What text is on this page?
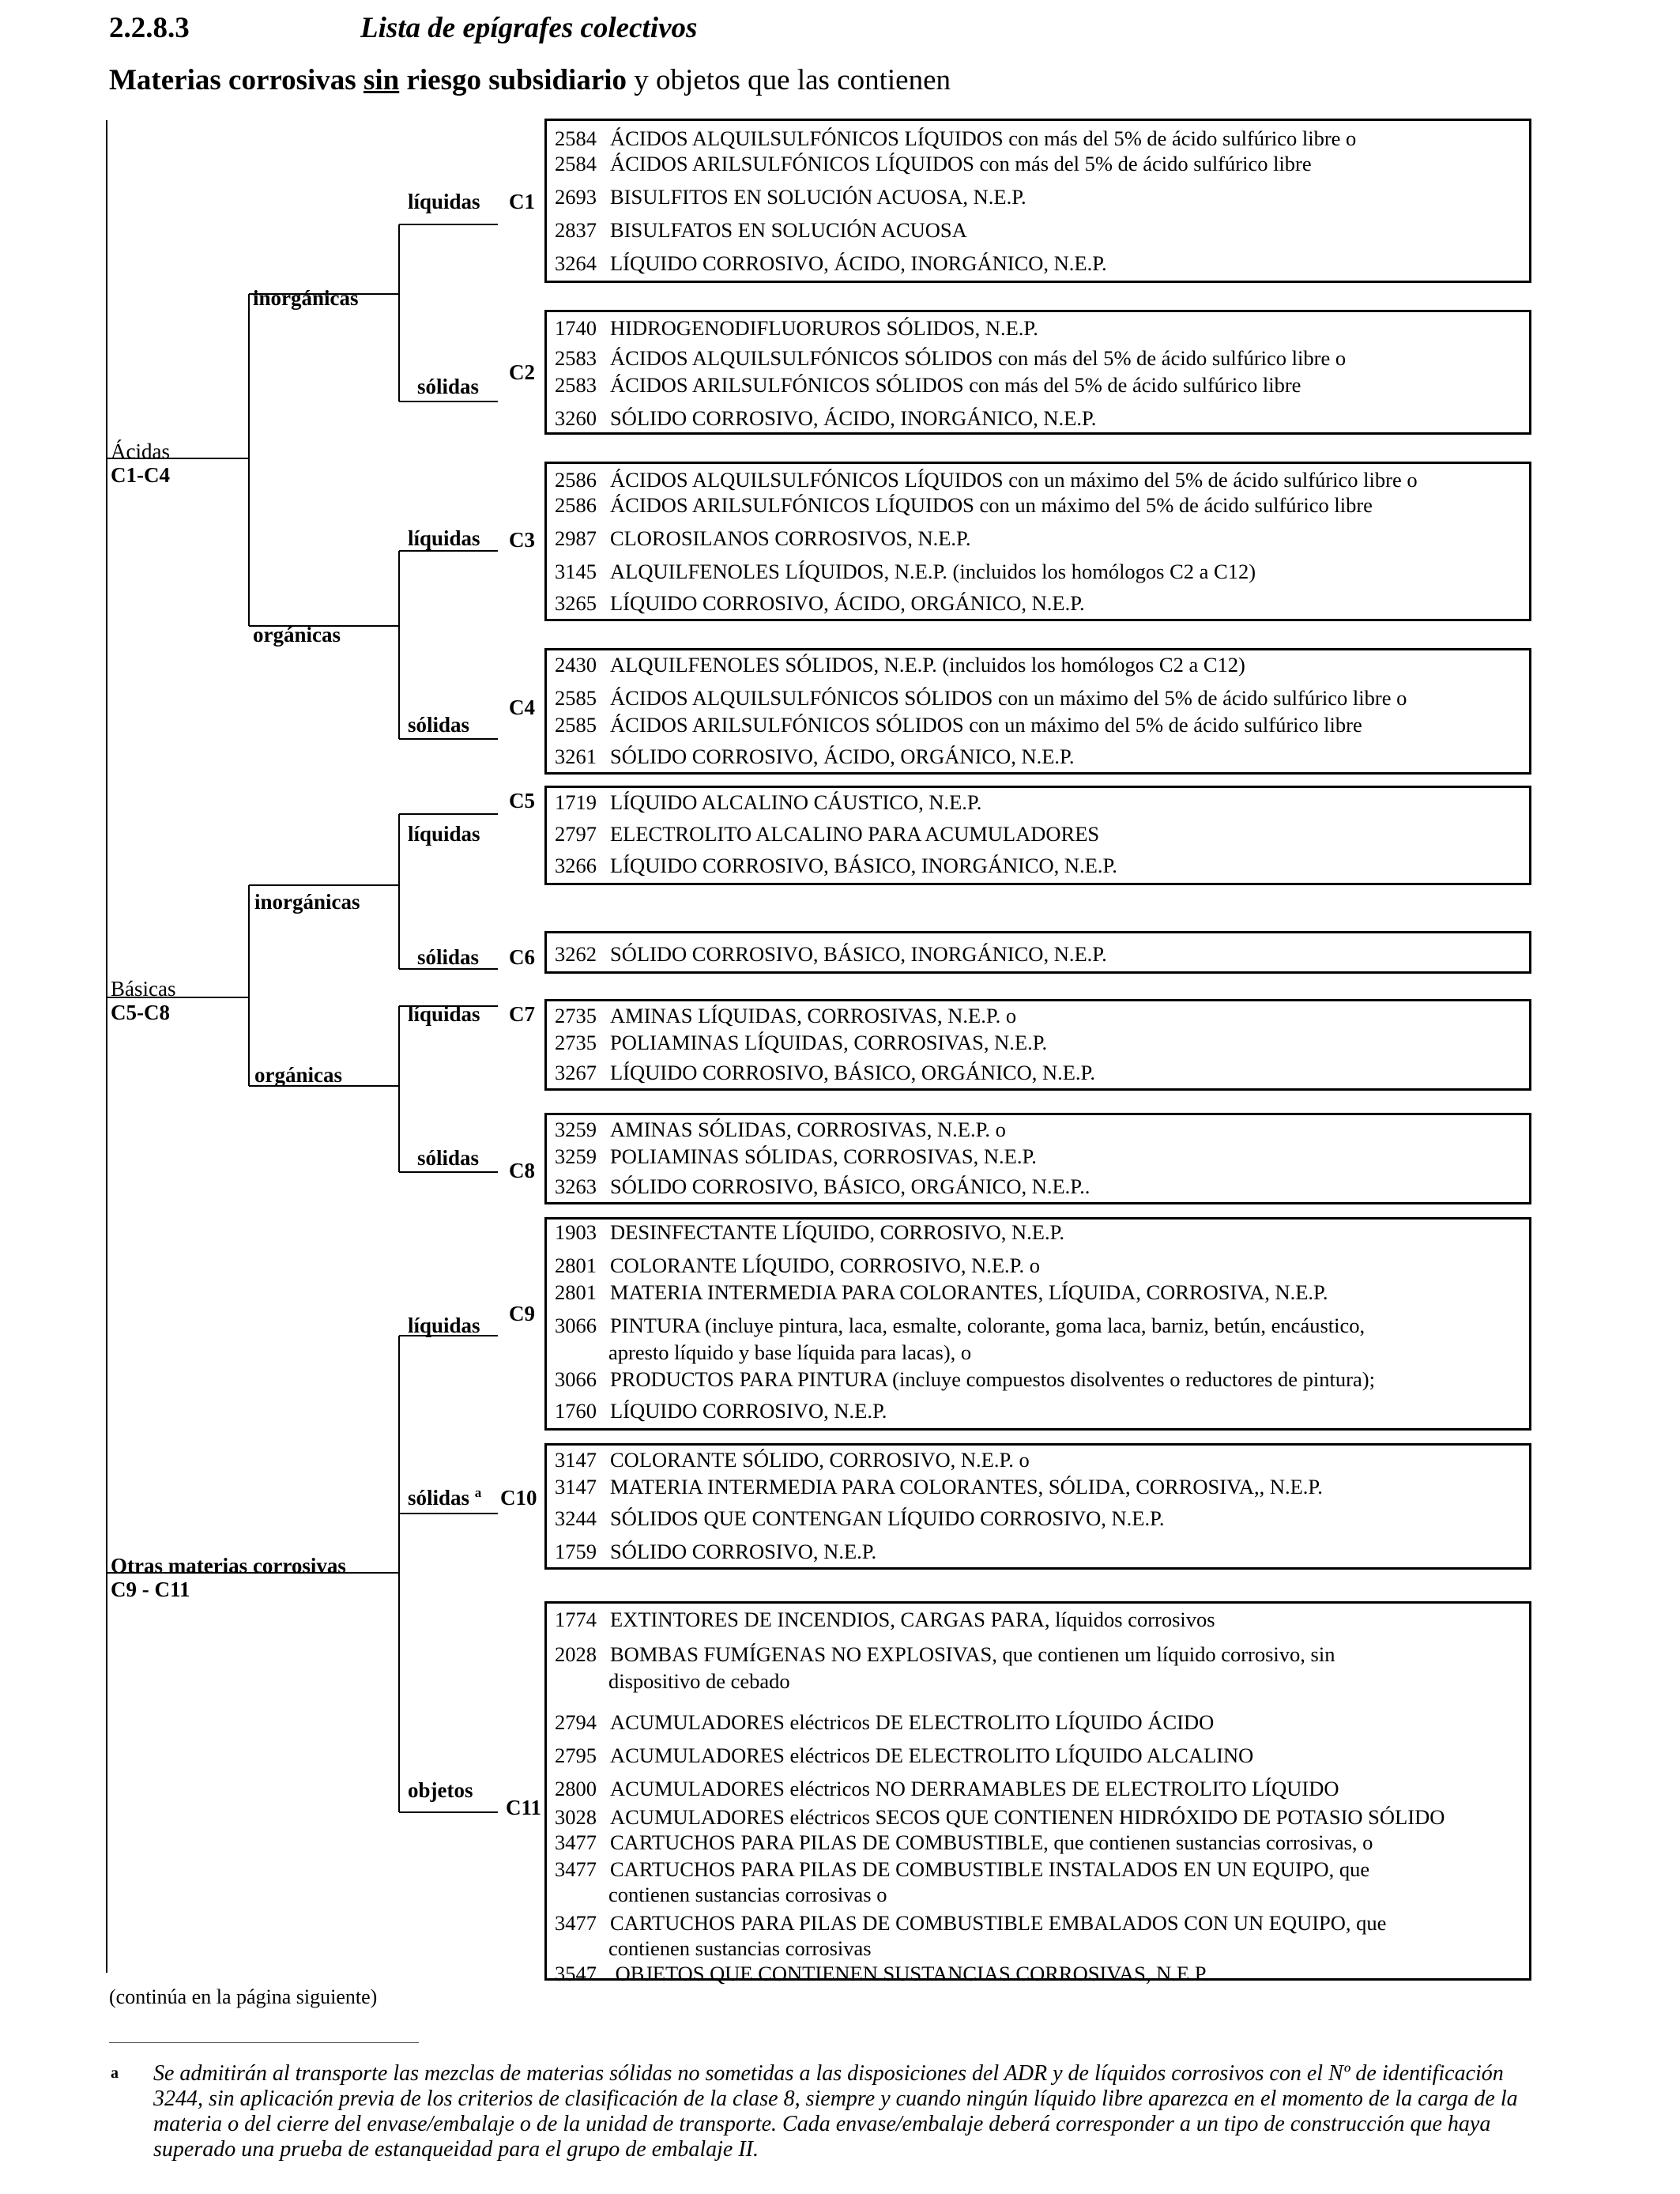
2.2.8.3	Lista de epígrafes colectivos
Materias corrosivas sin riesgo subsidiario y objetos que las contienen
Ácidas
C1-C4
inorgánicas
orgánicas
líquidas
sólidas
líquidas
sólidas
Básicas
C5-C8
inorgánicas
orgánicas
líquidas
sólidas
líquidas
sólidas
Otras materias corrosivas
C9 - C11
líquidas
sólidas $^a$
objetos
C1
C2
C3
C4
C5
C6
C7
C8
C9
C10
C11
2584 ÁCIDOS ALQUILSULFÓNICOS LÍQUIDOS con más del 5% de ácido sulfúrico libre o
2584 ÁCIDOS ARILSULFÓNICOS LÍQUIDOS con más del 5% de ácido sulfúrico libre
2693 BISULFITOS EN SOLUCIÓN ACUOSA, N.E.P.
2837 BISULFATOS EN SOLUCIÓN ACUOSA
3264 LÍQUIDO CORROSIVO, ÁCIDO, INORGÁNICO, N.E.P.
1740 HIDROGENODIFLUORUROS SÓLIDOS, N.E.P.
2583 ÁCIDOS ALQUILSULFÓNICOS SÓLIDOS con más del 5% de ácido sulfúrico libre o
2583 ÁCIDOS ARILSULFÓNICOS SÓLIDOS con más del 5% de ácido sulfúrico libre
3260 SÓLIDO CORROSIVO, ÁCIDO, INORGÁNICO, N.E.P.
2586 ÁCIDOS ALQUILSULFÓNICOS LÍQUIDOS con un máximo del 5% de ácido sulfúrico libre o
2586 ÁCIDOS ARILSULFÓNICOS LÍQUIDOS con un máximo del 5% de ácido sulfúrico libre
2987 CLOROSILANOS CORROSIVOS, N.E.P.
3145 ALQUILFENOLES LÍQUIDOS, N.E.P. (incluidos los homólogos C2 a C12)
3265 LÍQUIDO CORROSIVO, ÁCIDO, ORGÁNICO, N.E.P.
2430 ALQUILFENOLES SÓLIDOS, N.E.P. (incluidos los homólogos C2 a C12)
2585 ÁCIDOS ALQUILSULFÓNICOS SÓLIDOS con un máximo del 5% de ácido sulfúrico libre o
2585 ÁCIDOS ARILSULFÓNICOS SÓLIDOS con un máximo del 5% de ácido sulfúrico libre
3261 SÓLIDO CORROSIVO, ÁCIDO, ORGÁNICO, N.E.P.
1719 LÍQUIDO ALCALINO CÁUSTICO, N.E.P.
2797 ELECTROLITO ALCALINO PARA ACUMULADORES
3266 LÍQUIDO CORROSIVO, BÁSICO, INORGÁNICO, N.E.P.
3262 SÓLIDO CORROSIVO, BÁSICO, INORGÁNICO, N.E.P.
2735 AMINAS LÍQUIDAS, CORROSIVAS, N.E.P. o
2735 POLIAMINAS LÍQUIDAS, CORROSIVAS, N.E.P.
3267 LÍQUIDO CORROSIVO, BÁSICO, ORGÁNICO, N.E.P.
3259 AMINAS SÓLIDAS, CORROSIVAS, N.E.P. o
3259 POLIAMINAS SÓLIDAS, CORROSIVAS, N.E.P.
3263 SÓLIDO CORROSIVO, BÁSICO, ORGÁNICO, N.E.P..
1903 DESINFECTANTE LÍQUIDO, CORROSIVO, N.E.P.
2801 COLORANTE LÍQUIDO, CORROSIVO, N.E.P. o
2801 MATERIA INTERMEDIA PARA COLORANTES, LÍQUIDA, CORROSIVA, N.E.P.
3066 PINTURA (incluye pintura, laca, esmalte, colorante, goma laca, barniz, betún, encáustico,
apresto líquido y base líquida para lacas), o
3066 PRODUCTOS PARA PINTURA (incluye compuestos disolventes o reductores de pintura);
1760 LÍQUIDO CORROSIVO, N.E.P.
3147 COLORANTE SÓLIDO, CORROSIVO, N.E.P. o
3147 MATERIA INTERMEDIA PARA COLORANTES, SÓLIDA, CORROSIVA,, N.E.P.
3244 SÓLIDOS QUE CONTENGAN LÍQUIDO CORROSIVO, N.E.P.
1759 SÓLIDO CORROSIVO, N.E.P.
1774 EXTINTORES DE INCENDIOS, CARGAS PARA, líquidos corrosivos
2028 BOMBAS FUMÍGENAS NO EXPLOSIVAS, que contienen um líquido corrosivo, sin
dispositivo de cebado
2794 ACUMULADORES eléctricos DE ELECTROLITO LÍQUIDO ÁCIDO
2795 ACUMULADORES eléctricos DE ELECTROLITO LÍQUIDO ALCALINO
2800 ACUMULADORES eléctricos NO DERRAMABLES DE ELECTROLITO LÍQUIDO
3028 ACUMULADORES eléctricos SECOS QUE CONTIENEN HIDRÓXIDO DE POTASIO SÓLIDO
3477 CARTUCHOS PARA PILAS DE COMBUSTIBLE, que contienen sustancias corrosivas, o
3477 CARTUCHOS PARA PILAS DE COMBUSTIBLE INSTALADOS EN UN EQUIPO, que
contienen sustancias corrosivas o
3477 CARTUCHOS PARA PILAS DE COMBUSTIBLE EMBALADOS CON UN EQUIPO, que
contienen sustancias corrosivas
3547 OBJETOS QUE CONTIENEN SUSTANCIAS CORROSIVAS, N.E.P.
(continúa en la página siguiente)
a Se admitirán al transporte las mezclas de materias sólidas no sometidas a las disposiciones del ADR y de líquidos corrosivos con el Nº de identificación 3244, sin aplicación previa de los criterios de clasificación de la clase 8, siempre y cuando ningún líquido libre aparezca en el momento de la carga de la materia o del cierre del envase/embalaje o de la unidad de transporte. Cada envase/embalaje deberá corresponder a un tipo de construcción que haya superado una prueba de estanqueidad para el grupo de embalaje II.
